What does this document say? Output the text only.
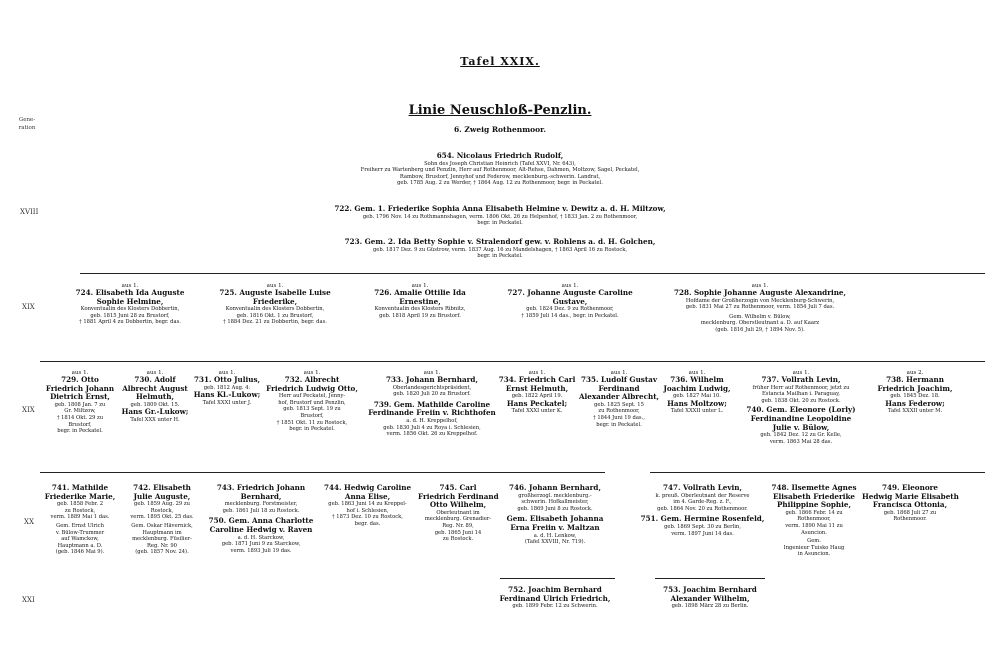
Tafel XXIX.
Gene-
ration
Linie Neuschloß-Penzlin.
6. Zweig Rothenmoor.
XVIII
XIX
XIX
XX
XXI
654. Nicolaus Friedrich Rudolf,
Sohn des Joseph Christian Heinrich (Tafel XXVI, Nr. 643),
Freiherr zu Wartenberg und Penzlin, Herr auf Rothenmoor, Alt-Rehse, Dahmen, Moltzow, Sagel, Peckatel,
Rambow, Brustorf, Jennyhof und Federow, mecklenburg.-schwerin. Landrat,
geb. 1785 Aug. 2 zu Werder, † 1864 Aug. 12 zu Rothenmoor, begr. in Peckatel.
722. Gem. 1. Friederike Sophia Anna Elisabeth Helmine v. Dewitz a. d. H. Miltzow,
geb. 1796 Nov. 14 zu Rothmannshagen, verm. 1806 Okt. 26 zu Helpenhof, † 1833 Jan. 2 zu Rothenmoor,
begr. in Peckatel.
723. Gem. 2. Ida Betty Sophie v. Stralendorf gew. v. Rohlens a. d. H. Golchen,
geb. 1817 Dez. 9 zu Güstrow, verm. 1837 Aug. 16 zu Mandelshagen, † 1863 April 16 zu Rostock,
begr. in Peckatel.
aus 1.
724. Elisabeth Ida Auguste
Sophie Helmine,
Konventualin des Klosters Dobbertin,
geb. 1815 Juni 28 zu Brustorf,
† 1881 April 4 zu Dobbertin, begr. das.
aus 1.
725. Auguste Isabelle Luise
Friederike,
Konventualin des Klosters Dobbertin,
geb. 1816 Okt. 1 zu Brustorf,
† 1884 Dez. 21 zu Dobbertin, begr. das.
aus 1.
726. Amalie Ottilie Ida
Ernestine,
Konventualin des Klosters Ribnitz,
geb. 1818 April 19 zu Brustorf.
aus 1.
727. Johanne Auguste Caroline
Gustave,
geb. 1824 Dez. 9 zu Rothenmoor,
† 1859 Juli 14 das., begr. in Peckatel.
aus 1.
728. Sophie Johanne Auguste Alexandrine,
Hofdame der Großherzogin von Mecklenburg-Schwerin,
geb. 1831 Mai 27 zu Rothenmoor, verm. 1854 Juli 7 das.
Gem. Wilhelm v. Bülow,
mecklenburg. Oberstleutnant a. D. auf Kaarz
(geb. 1816 Juli 29, † 1894 Nov. 5).
aus 1.
729. Otto
Friedrich Johann
Dietrich Ernst,
geb. 1808 Jan. 7 zu
Gr. Miltzow,
† 1814 Okt. 29 zu
Brustorf,
begr. in Peckatel.
aus 1.
730. Adolf
Albrecht August
Helmuth,
geb. 1809 Okt. 15.
Hans Gr.-Lukow;
Tafel XXX unter H.
aus 1.
731. Otto Julius,
geb. 1812 Aug. 4.
Hans Kl.-Lukow;
Tafel XXXI unter J.
aus 1.
732. Albrecht
Friedrich Ludwig Otto,
Herr auf Peckatel, Jenny-
hof, Brustorf und Penzlin,
geb. 1813 Sept. 19 zu
Brustorf,
† 1851 Okt. 11 zu Rostock,
begr. in Peckatel.
aus 1.
733. Johann Bernhard,
Oberlandesgerichtspräsident,
geb. 1820 Juli 20 zu Brustorf.
739. Gem. Mathilde Caroline
Ferdinande Freiin v. Richthofen
a. d. H. Kreppelhof,
geb. 1830 Juli 4 zu Roya i. Schlesien,
verm. 1856 Okt. 26 zu Kreppelhof.
aus 1.
734. Friedrich Carl
Ernst Helmuth,
geb. 1822 April 19.
Hans Peckatel;
Tafel XXXI unter K.
aus 1.
735. Ludolf Gustav
Ferdinand
Alexander Albrecht,
geb. 1825 Sept. 15
zu Rothenmoor,
† 1844 Juni 19 das.,
begr. in Peckatel.
aus 1.
736. Wilhelm
Joachim Ludwig,
geb. 1827 Mai 10.
Hans Moltzow;
Tafel XXXII unter L.
aus 1.
737. Vollrath Levin,
früher Herr auf Rothenmoor, jetzt zu
Estancia Mailhan i. Paraguay,
geb. 1838 Okt. 20 zu Rostock.
740. Gem. Eleonore (Lorly)
Ferdinandine Leopoldine
Julie v. Bülow,
geb. 1842 Dez. 12 zu Gr. Kelle,
verm. 1863 Mai 28 das.
aus 2.
738. Hermann
Friedrich Joachim,
geb. 1845 Dez. 18.
Hans Federow;
Tafel XXXII unter M.
741. Mathilde
Friederike Marie,
geb. 1858 Febr. 2
zu Rostock,
verm. 1889 Mai 1 das.
Gem. Ernst Ulrich
v. Bülow-Trummer
auf Wamckow,
Hauptmann a. D.
(geb. 1846 Mai 9).
742. Elisabeth
Julie Auguste,
geb. 1859 Aug. 29 zu
Rostock,
verm. 1895 Okt. 25 das.
Gem. Oskar Hävernick,
Hauptmann im
mecklenburg. Füsilier-
Reg. Nr. 90
(geb. 1857 Nov. 24).
743. Friedrich Johann
Bernhard,
mecklenburg. Forstmeister,
geb. 1861 Juli 18 zu Rostock.
750. Gem. Anna Charlotte
Caroline Hedwig v. Raven
a. d. H. Starckow,
geb. 1871 Juni 9 zu Starckow,
verm. 1893 Juli 19 das.
744. Hedwig Caroline
Anna Elise,
geb. 1863 Juni 14 zu Kreppel-
hof i. Schlesien,
† 1873 Dez. 10 zu Rostock,
begr. das.
745. Carl
Friedrich Ferdinand
Otto Wilhelm,
Oberleutnant im
mecklenburg. Grenadier-
Reg. Nr. 89,
geb. 1865 Juni 14
zu Rostock.
746. Johann Bernhard,
großherzogl. mecklenburg.-
schwerin. Hofkallmeister,
geb. 1869 Juni 8 zu Rostock.
Gem. Elisabeth Johanna
Erna Freiin v. Maltzan
a. d. H. Lenkow,
(Tafel XXVIII, Nr. 719).
747. Vollrath Levin,
k. preuß. Oberleutnant der Reserve
im 4. Garde-Reg. z. F.,
geb. 1864 Nov. 20 zu Rothenmoor.
751. Gem. Hermine Rosenfeld,
geb. 1869 Sept. 30 zu Berlin,
verm. 1897 Juni 14 das.
748. Ilsemette Agnes
Elisabeth Friederike
Philippine Sophie,
geb. 1866 Febr. 14 zu
Rothenmoor,
verm. 1890 Mai 11 zu
Asuncion.
Gem.
Ingenieur Tuisko Haug
in Asuncion.
749. Eleonore
Hedwig Marie Elisabeth
Francisca Ottonia,
geb. 1868 Juli 27 zu
Rothenmoor.
752. Joachim Bernhard
Ferdinand Ulrich Friedrich,
geb. 1899 Febr. 12 zu Schwerin.
753. Joachim Bernhard
Alexander Wilhelm,
geb. 1898 März 28 zu Berlin.
